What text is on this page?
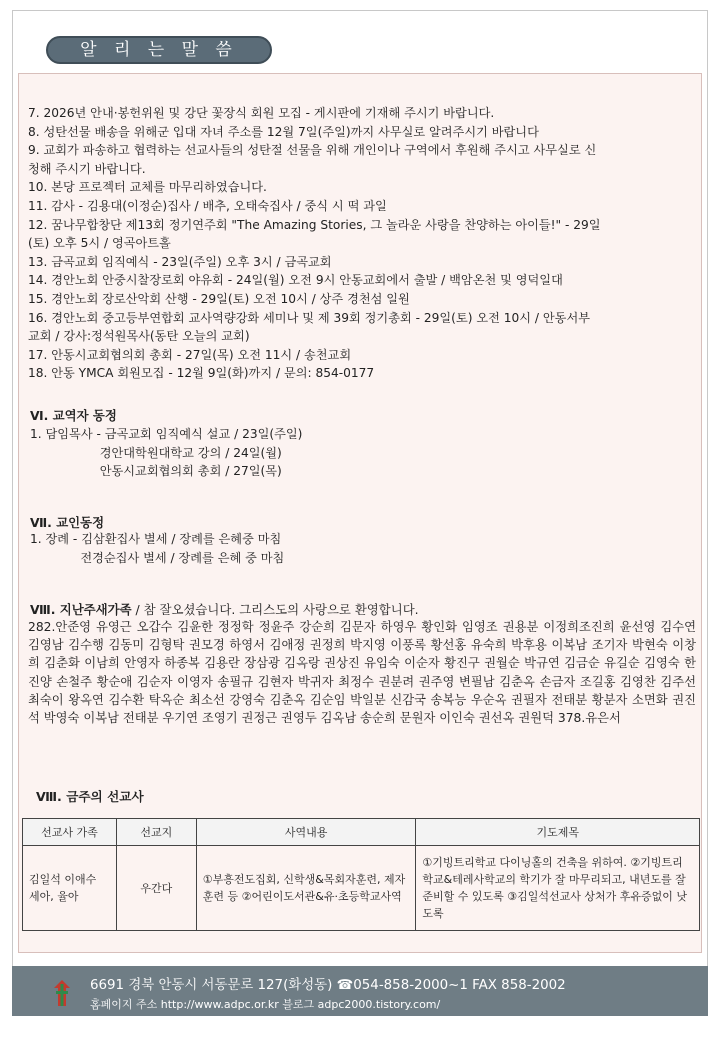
알 리 는 말 씀

7. 2026년 안내·봉헌위원 및 강단 꽃장식 회원 모집 - 게시판에 기재해 주시기 바랍니다.

8. 성탄선물 배송을 위해군 입대 자녀 주소를 12월 7일(주일)까지 사무실로 알려주시기 바랍니다

9. 교회가 파송하고 협력하는 선교사들의 성탄절 선물을 위해 개인이나 구역에서 후원해 주시고 사무실로 신

청해 주시기 바랍니다.

10. 본당 프로젝터 교체를 마무리하였습니다.

11. 감사 - 김용대(이정순)집사 / 배추, 오태숙집사 / 중식 시 떡 과일

12. 꿈나무합창단 제13회 정기연주회 "The Amazing Stories, 그 놀라운 사랑을 찬양하는 아이들!" - 29일

(토) 오후 5시 / 영곡아트홀

13. 금곡교회 임직예식 - 23일(주일) 오후 3시 / 금곡교회

14. 경안노회 안중시찰장로회 야유회 - 24일(월) 오전 9시 안동교회에서 출발 / 백암온천 및 영덕일대

15. 경안노회 장로산악회 산행 - 29일(토) 오전 10시 / 상주 경천섬 일원

16. 경안노회 중고등부연합회 교사역량강화 세미나 및 제 39회 정기총회 - 29일(토) 오전 10시 / 안동서부

교회 / 강사:정석원목사(동탄 오늘의 교회)

17. 안동시교회협의회 총회 - 27일(목) 오전 11시 / 송천교회

18. 안동 YMCA 회원모집 - 12월 9일(화)까지 / 문의: 854-0177

Ⅵ. 교역자 동정

1. 담임목사 - 금곡교회 임직예식 설교 / 23일(주일)

경안대학원대학교 강의 / 24일(월)

안동시교회협의회 총회 / 27일(목)

Ⅶ. 교인동정

1. 장례 - 김삼환집사 별세 / 장례를 은혜중 마침

전경순집사 별세 / 장례를 은혜 중 마침

Ⅷ. 지난주새가족 / 참 잘오셨습니다. 그리스도의 사랑으로 환영합니다.
282.안준영 유영근 오갑수 김윤한 정정학 정윤주 강순희 김문자 하영우 황인화 임영조 권용분 이정희조진희 윤선영 김수연 김영남 김수행 김동미 김형탁 권모경 하영서 김애정 권정희 박지영 이풍록 황선홍 유숙희 박후용 이복남 조기자 박현숙 이창희 김춘화 이남희 안영자 하종복 김용란 장삼광 김옥랑 권상진 유임숙 이순자 황진구 권월순 박규연 김금순 유길순 김영숙 한진양 손철주 황순애 김순자 이영자 송필규 김현자 박귀자 최정수 권분려 권주영 변필남 김춘옥 손금자 조길홍 김영찬 김주선 최숙이 왕옥연 김수환 탁옥순 최소선 강영숙 김춘옥 김순임 박일분 신감국 송복능 우순옥 권필자 전태분 황분자 소면화 권진석 박영숙 이복남 전태분 우기연 조영기 권정근 권영두 김옥남 송순희 문원자 이인숙 권선옥 권원덕 378.유은서
Ⅷ. 금주의 선교사
선교사 가족	선교지	사역내용	기도제목
김일석 이애수 세아, 율아	우간다	①부흥전도집회, 신학생&목회자훈련, 제자훈련 등 ②어린이도서관&유·초등학교사역	①기빙트리학교 다이닝홀의 건축을 위하여. ②기빙트리학교&테레사학교의 학기가 잘 마무리되고, 내년도를 잘 준비할 수 있도록 ③김일석선교사 상처가 후유증없이 낫도록
6691 경북 안동시 서동문로 127(화성동) ☎054-858-2000~1 FAX 858-2002
홈페이지 주소 http://www.adpc.or.kr 블로그 adpc2000.tistory.com/
